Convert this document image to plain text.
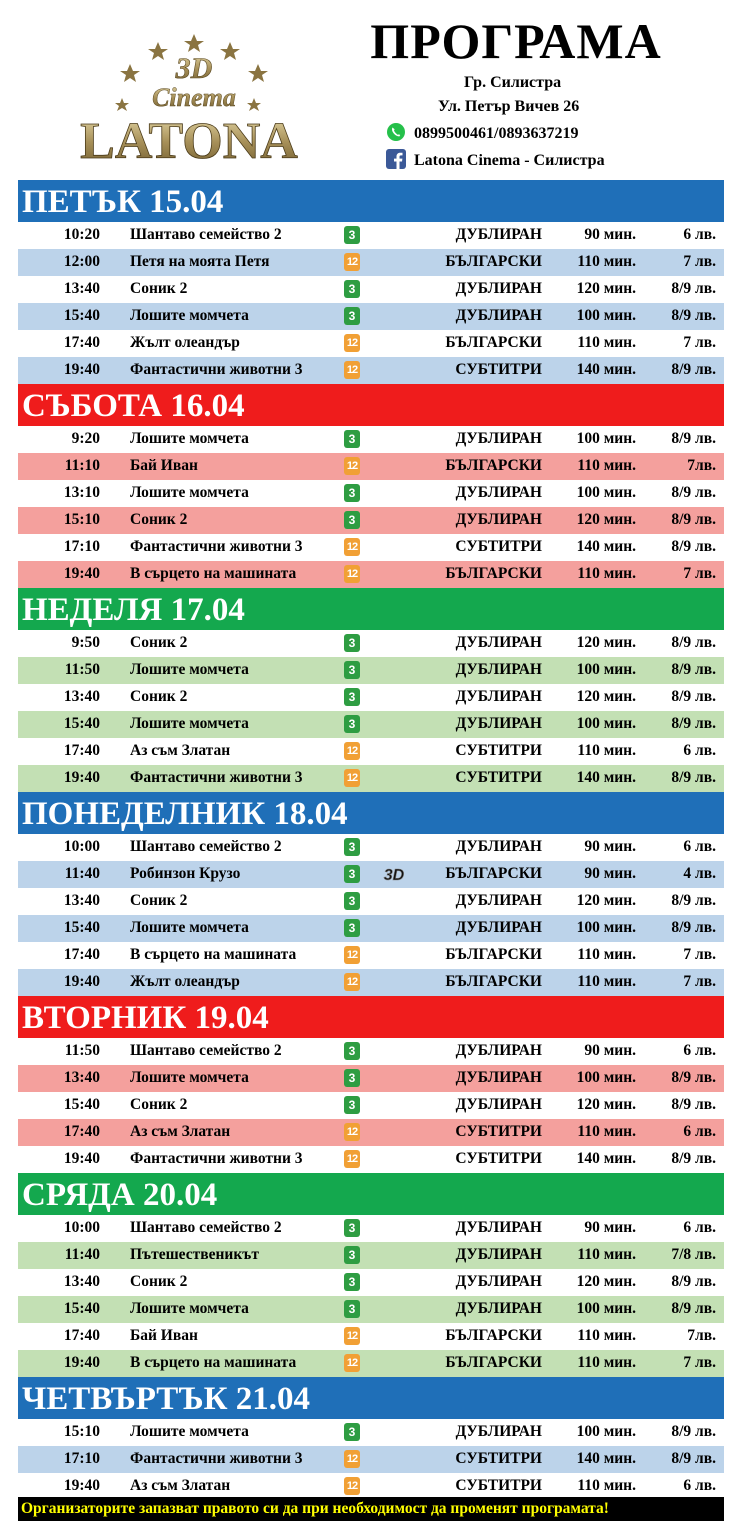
3D
Cinema
LATONA
ПРОГРАМА
Гр. Силистра
Ул. Петър Вичев 26
0899500461/0893637219
Latona Cinema - Силистра
ПЕТЪК 15.04
10:20 Шантаво семейство 2	ДУБЛИРАН	90 мин.	6 лв.
3
12:00 Петя на моята Петя	БЪЛГАРСКИ	110 мин.	7 лв.
12
13:40 Соник 2	ДУБЛИРАН	120 мин.	8/9 лв.
3
15:40 Лошите момчета	ДУБЛИРАН	100 мин.	8/9 лв.
3
17:40 Жълт олеандър	БЪЛГАРСКИ	110 мин.	7 лв.
12
19:40 Фантастични животни 3	СУБТИТРИ	140 мин.	8/9 лв.
12
СЪБОТА 16.04
9:20 Лошите момчета	ДУБЛИРАН	100 мин.	8/9 лв.
3
11:10 Бай Иван	БЪЛГАРСКИ	110 мин.	7лв.
12
13:10 Лошите момчета	ДУБЛИРАН	100 мин.	8/9 лв.
3
15:10 Соник 2	ДУБЛИРАН	120 мин.	8/9 лв.
3
17:10 Фантастични животни 3	СУБТИТРИ	140 мин.	8/9 лв.
12
19:40 В сърцето на машината	БЪЛГАРСКИ	110 мин.	7 лв.
12
НЕДЕЛЯ 17.04
9:50 Соник 2	ДУБЛИРАН	120 мин.	8/9 лв.
3
11:50 Лошите момчета	ДУБЛИРАН	100 мин.	8/9 лв.
3
13:40 Соник 2	ДУБЛИРАН	120 мин.	8/9 лв.
3
15:40 Лошите момчета	ДУБЛИРАН	100 мин.	8/9 лв.
3
17:40 Аз съм Златан	СУБТИТРИ	110 мин.	6 лв.
12
19:40 Фантастични животни 3	СУБТИТРИ	140 мин.	8/9 лв.
12
ПОНЕДЕЛНИК 18.04
10:00 Шантаво семейство 2	ДУБЛИРАН	90 мин.	6 лв.
3
11:40 Робинзон Крузо	БЪЛГАРСКИ	90 мин.	4 лв.
3 3D
13:40 Соник 2	ДУБЛИРАН	120 мин.	8/9 лв.
3
15:40 Лошите момчета	ДУБЛИРАН	100 мин.	8/9 лв.
3
17:40 В сърцето на машината	БЪЛГАРСКИ	110 мин.	7 лв.
12
19:40 Жълт олеандър	БЪЛГАРСКИ	110 мин.	7 лв.
12
ВТОРНИК 19.04
11:50 Шантаво семейство 2	ДУБЛИРАН	90 мин.	6 лв.
3
13:40 Лошите момчета	ДУБЛИРАН	100 мин.	8/9 лв.
3
15:40 Соник 2	ДУБЛИРАН	120 мин.	8/9 лв.
3
17:40 Аз съм Златан	СУБТИТРИ	110 мин.	6 лв.
12
19:40 Фантастични животни 3	СУБТИТРИ	140 мин.	8/9 лв.
12
СРЯДА 20.04
10:00 Шантаво семейство 2	ДУБЛИРАН	90 мин.	6 лв.
3
11:40 Пътешественикът	ДУБЛИРАН	110 мин.	7/8 лв.
3
13:40 Соник 2	ДУБЛИРАН	120 мин.	8/9 лв.
3
15:40 Лошите момчета	ДУБЛИРАН	100 мин.	8/9 лв.
3
17:40 Бай Иван	БЪЛГАРСКИ	110 мин.	7лв.
12
19:40 В сърцето на машината	БЪЛГАРСКИ	110 мин.	7 лв.
12
ЧЕТВЪРТЪК 21.04
15:10 Лошите момчета	ДУБЛИРАН	100 мин.	8/9 лв.
3
17:10 Фантастични животни 3	СУБТИТРИ	140 мин.	8/9 лв.
12
19:40 Аз съм Златан	СУБТИТРИ	110 мин.	6 лв.
12
Организаторите запазват правото си да при необходимост да променят програмата!
